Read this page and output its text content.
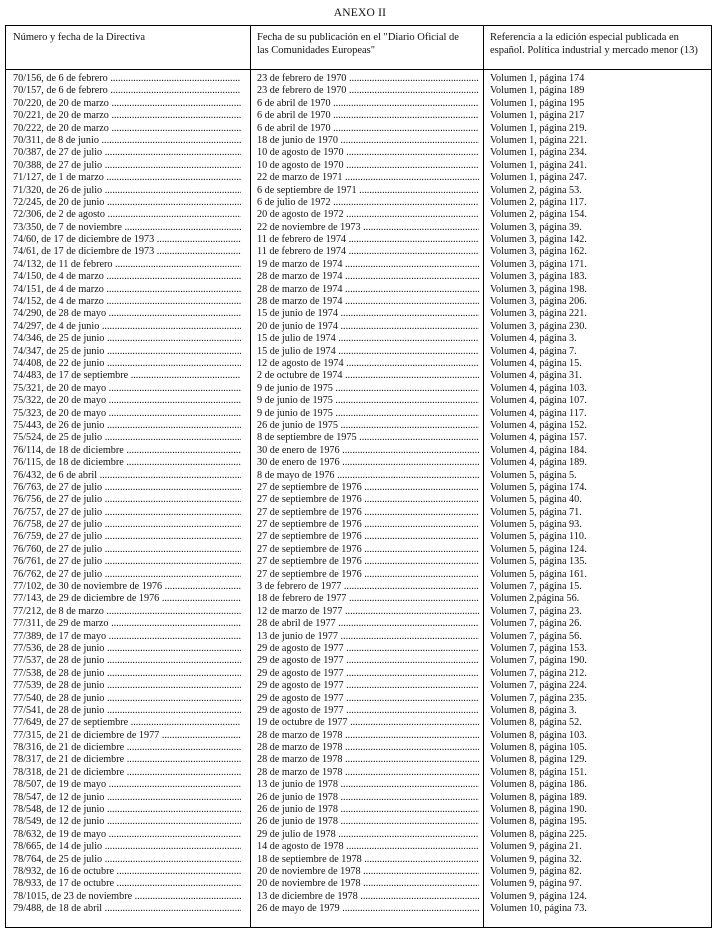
ANEXO II
Número y fecha de la Directiva	Fecha de su publicación en el "Diario Oficial de
las Comunidades Europeas"
Referencia a la edición especial publicada en
español. Política industrial y mercado menor (13)
70/156, de 6 de febrero .....	23 de febrero de 1970 .....	Volumen 1, página 174
70/157, de 6 de febrero .....	23 de febrero de 1970 .....	Volumen 1, página 189
70/220, de 20 de marzo .....	6 de abril de 1970 .....	Volumen 1, página 195
70/221, de 20 de marzo .....	6 de abril de 1970 .....	Volumen 1, página 217
70/222, de 20 de marzo .....	6 de abril de 1970 .....	Volumen 1, página 219.
70/311, de 8 de junio .....	18 de junio de 1970 .....	Volumen 1, página 221.
70/387, de 27 de julio .....	10 de agosto de 1970 .....	Volumen 1, página 234.
70/388, de 27 de julio .....	10 de agosto de 1970 .....	Volumen 1, página 241.
71/127, de 1 de marzo .....	22 de marzo de 1971 .....	Volumen 1, página 247.
71/320, de 26 de julio .....	6 de septiembre de 1971 .....	Volumen 2, página 53.
72/245, de 20 de junio .....	6 de julio de 1972 .....	Volumen 2, página 117.
72/306, de 2 de agosto .....	20 de agosto de 1972 .....	Volumen 2, página 154.
73/350, de 7 de noviembre .....	22 de noviembre de 1973 .....	Volumen 3, página 39.
74/60, de 17 de diciembre de 1973 .....	11 de febrero de 1974 .....	Volumen 3, página 142.
74/61, de 17 de diciembre de 1973 .....	11 de febrero de 1974 .....	Volumen 3, página 162.
74/132, de 11 de febrero .....	19 de marzo de 1974 .....	Volumen 3, página 171.
74/150, de 4 de marzo .....	28 de marzo de 1974 .....	Volumen 3, página 183.
74/151, de 4 de marzo .....	28 de marzo de 1974 .....	Volumen 3, página 198.
74/152, de 4 de marzo .....	28 de marzo de 1974 .....	Volumen 3, página 206.
74/290, de 28 de mayo .....	15 de junio de 1974 .....	Volumen 3, página 221.
74/297, de 4 de junio .....	20 de junio de 1974 .....	Volumen 3, página 230.
74/346, de 25 de junio .....	15 de julio de 1974 .....	Volumen 4, página 3.
74/347, de 25 de junio .....	15 de julio de 1974 .....	Volumen 4, página 7.
74/408, de 22 de junio .....	12 de agosto de 1974 .....	Volumen 4, página 15.
74/483, de 17 de septiembre .....	2 de octubre de 1974 .....	Volumen 4, página 31.
75/321, de 20 de mayo .....	9 de junio de 1975 .....	Volumen 4, página 103.
75/322, de 20 de mayo .....	9 de junio de 1975 .....	Volumen 4, página 107.
75/323, de 20 de mayo .....	9 de junio de 1975 .....	Volumen 4, página 117.
75/443, de 26 de junio .....	26 de junio de 1975 .....	Volumen 4, página 152.
75/524, de 25 de julio .....	8 de septiembre de 1975 .....	Volumen 4, página 157.
76/114, de 18 de diciembre .....	30 de enero de 1976 .....	Volumen 4, página 184.
76/115, de 18 de diciembre .....	30 de enero de 1976 .....	Volumen 4, página 189.
76/432, de 6 de abril .....	8 de mayo de 1976 .....	Volumen 5, página 5.
76/763, de 27 de julio .....	27 de septiembre de 1976 .....	Volumen 5, página 174.
76/756, de 27 de julio .....	27 de septiembre de 1976 .....	Volumen 5, página 40.
76/757, de 27 de julio .....	27 de septiembre de 1976 .....	Volumen 5, página 71.
76/758, de 27 de julio .....	27 de septiembre de 1976 .....	Volumen 5, página 93.
76/759, de 27 de julio .....	27 de septiembre de 1976 .....	Volumen 5, página 110.
76/760, de 27 de julio .....	27 de septiembre de 1976 .....	Volumen 5, página 124.
76/761, de 27 de julio .....	27 de septiembre de 1976 .....	Volumen 5, página 135.
76/762, de 27 de julio .....	27 de septiembre de 1976 .....	Volumen 5, página 161.
77/102, de 30 de noviembre de 1976 .....	3 de febrero de 1977 .....	Volumen 7, página 15.
77/143, de 29 de diciembre de 1976 .....	18 de febrero de 1977 .....	Volumen 2,página 56.
77/212, de 8 de marzo .....	12 de marzo de 1977 .....	Volumen 7, página 23.
77/311, de 29 de marzo .....	28 de abril de 1977 .....	Volumen 7, página 26.
77/389, de 17 de mayo .....	13 de junio de 1977 .....	Volumen 7, página 56.
77/536, de 28 de junio .....	29 de agosto de 1977 .....	Volumen 7, página 153.
77/537, de 28 de junio .....	29 de agosto de 1977 .....	Volumen 7, página 190.
77/538, de 28 de junio .....	29 de agosto de 1977 .....	Volumen 7, página 212.
77/539, de 28 de junio .....	29 de agosto de 1977 .....	Volumen 7, página 224.
77/540, de 28 de junio .....	29 de agosto de 1977 .....	Volumen 7, página 235.
77/541, de 28 de junio .....	29 de agosto de 1977 .....	Volumen 8, página 3.
77/649, de 27 de septiembre .....	19 de octubre de 1977 .....	Volumen 8, página 52.
77/315, de 21 de diciembre de 1977 .....	28 de marzo de 1978 .....	Volumen 8, página 103.
78/316, de 21 de diciembre .....	28 de marzo de 1978 .....	Volumen 8, página 105.
78/317, de 21 de diciembre .....	28 de marzo de 1978 .....	Volumen 8, página 129.
78/318, de 21 de diciembre .....	28 de marzo de 1978 .....	Volumen 8, página 151.
78/507, de 19 de mayo .....	13 de junio de 1978 .....	Volumen 8, página 186.
78/547, de 12 de junio .....	26 de junio de 1978 .....	Volumen 8, página 189.
78/548, de 12 de junio .....	26 de junio de 1978 .....	Volumen 8, página 190.
78/549, de 12 de junio .....	26 de junio de 1978 .....	Volumen 8, página 195.
78/632, de 19 de mayo .....	29 de julio de 1978 .....	Volumen 8, página 225.
78/665, de 14 de julio .....	14 de agosto de 1978 .....	Volumen 9, página 21.
78/764, de 25 de julio .....	18 de septiembre de 1978 .....	Volumen 9, página 32.
78/932, de 16 de octubre .....	20 de noviembre de 1978 .....	Volumen 9, página 82.
78/933, de 17 de octubre .....	20 de noviembre de 1978 .....	Volumen 9, página 97.
78/1015, de 23 de noviembre .....	13 de diciembre de 1978 .....	Volumen 9, página 124.
79/488, de 18 de abril .....	26 de mayo de 1979 .....	Volumen 10, página 73.
